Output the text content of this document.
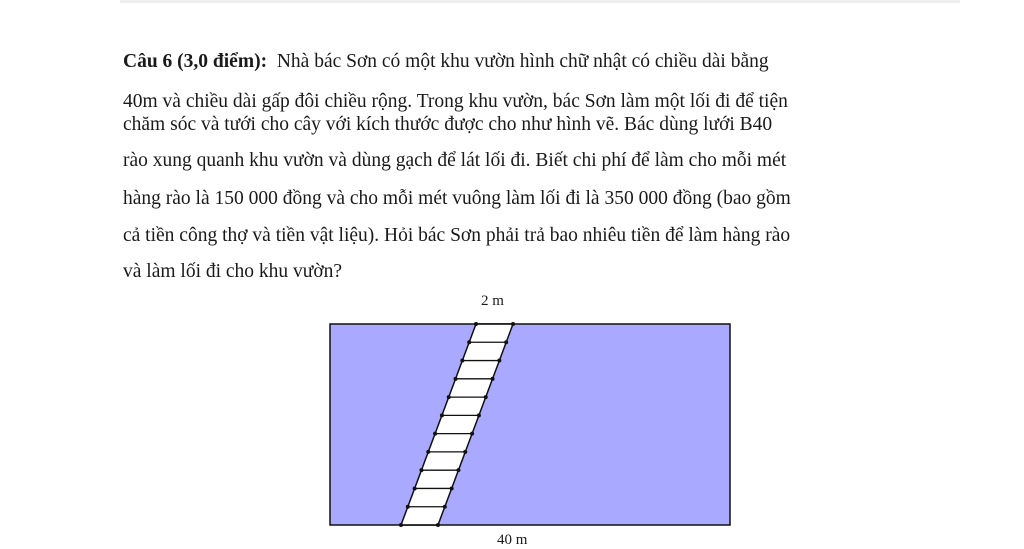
Câu 6 (3,0 điểm): Nhà bác Sơn có một khu vườn hình chữ nhật có chiều dài bằng
40m và chiều dài gấp đôi chiều rộng. Trong khu vườn, bác Sơn làm một lối đi để tiện
chăm sóc và tưới cho cây với kích thước được cho như hình vẽ. Bác dùng lưới B40
rào xung quanh khu vườn và dùng gạch để lát lối đi. Biết chi phí để làm cho mỗi mét
hàng rào là 150 000 đồng và cho mỗi mét vuông làm lối đi là 350 000 đồng (bao gồm
cả tiền công thợ và tiền vật liệu). Hỏi bác Sơn phải trả bao nhiêu tiền để làm hàng rào
và làm lối đi cho khu vườn?
2 m
40 m
